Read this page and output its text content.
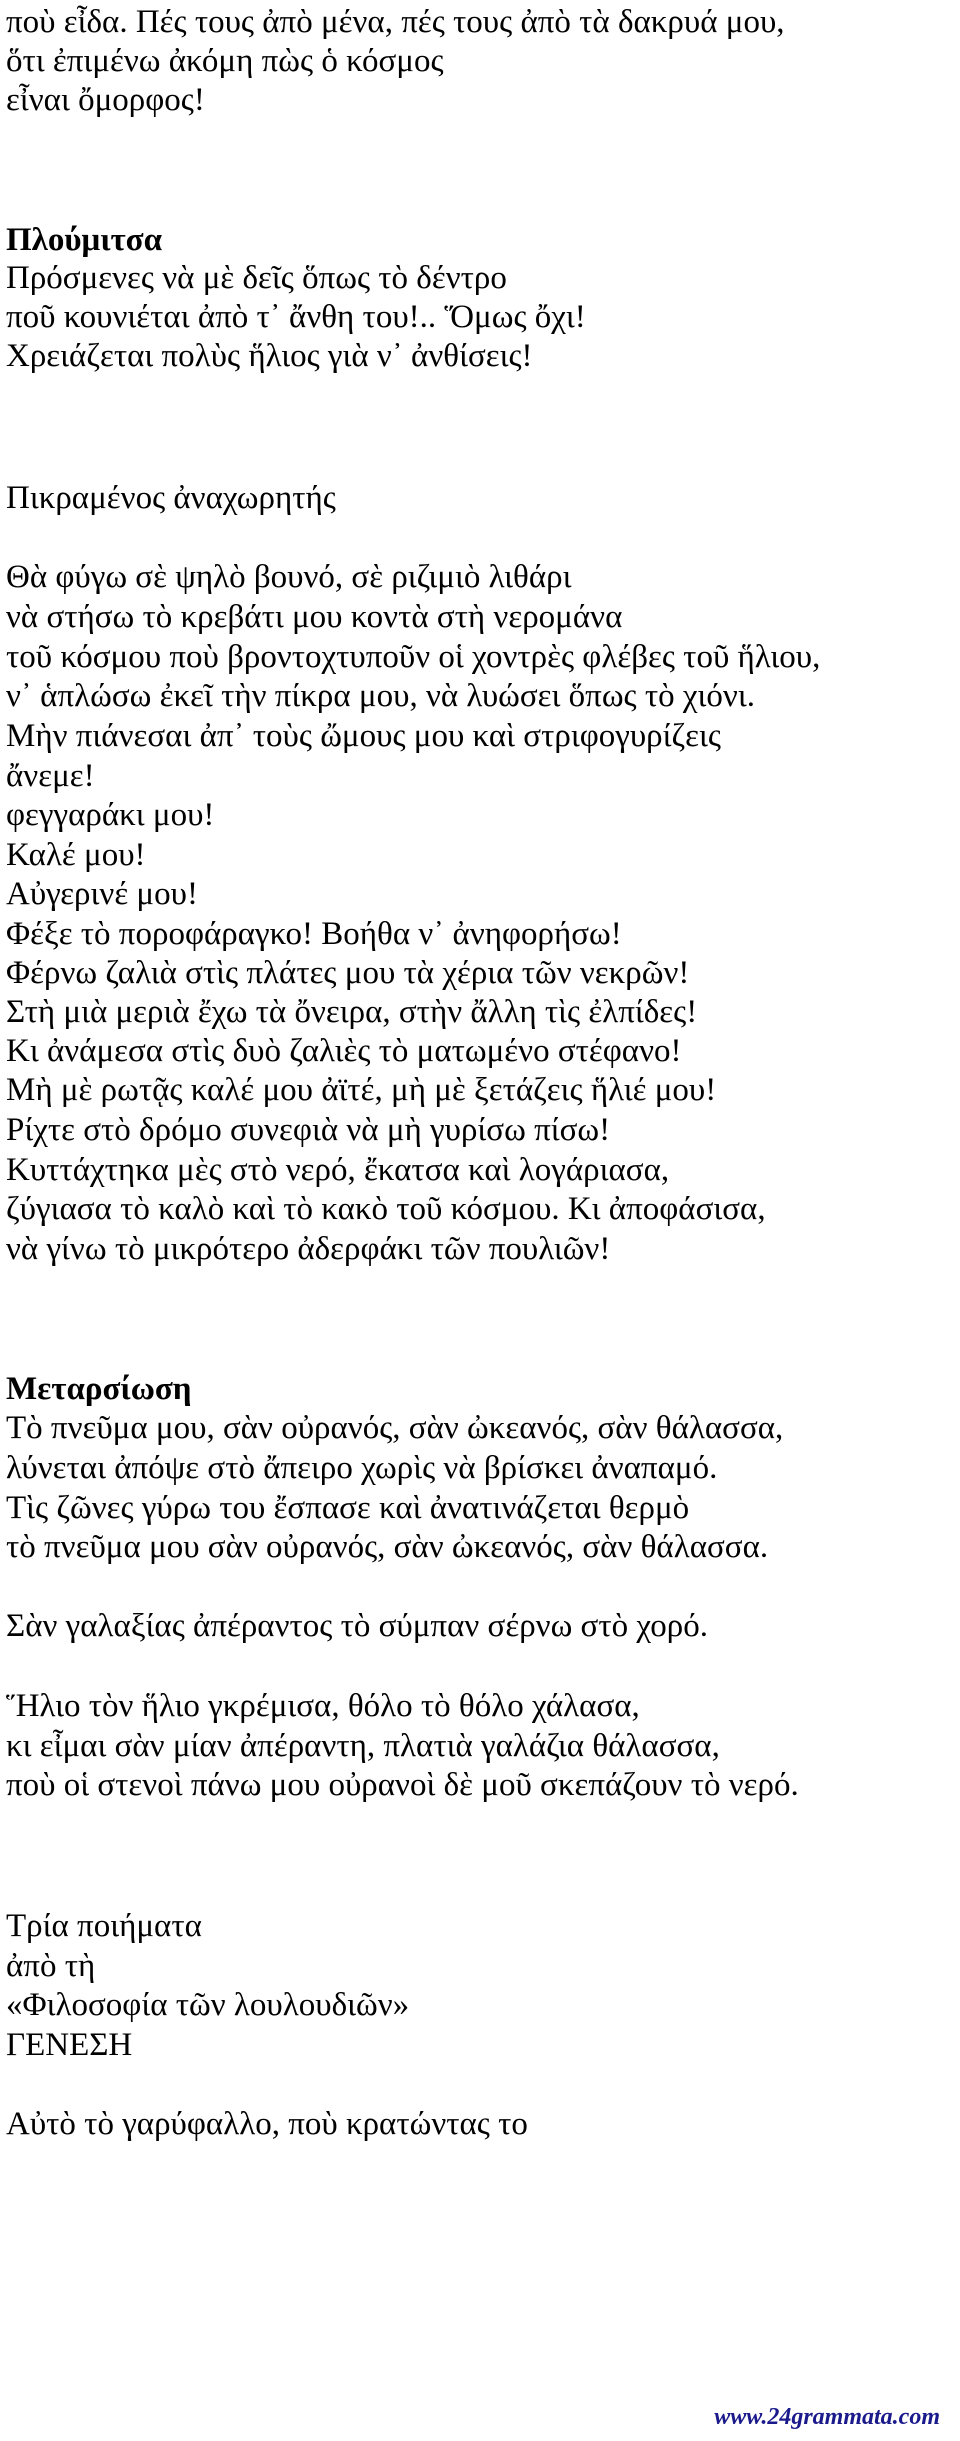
ποὺ εἶδα. Πές τους ἀπὸ μένα, πές τους ἀπὸ τὰ δακρυά μου,

ὅτι ἐπιμένω ἀκόμη πὼς ὁ κόσμος

εἶναι ὄμορφος!

Πλούμιτσα

Πρόσμενες νὰ μὲ δεῖς ὅπως τὸ δέντρο

ποῦ κουνιέται ἀπὸ τ᾽ ἄνθη του!.. Ὅμως ὄχι!

Χρειάζεται πολὺς ἥλιος γιὰ ν᾽ ἀνθίσεις!

Πικραμένος ἀναχωρητής

Θὰ φύγω σὲ ψηλὸ βουνό, σὲ ριζιμιὸ λιθάρι

νὰ στήσω τὸ κρεβάτι μου κοντὰ στὴ νερομάνα

τοῦ κόσμου ποὺ βροντοχτυποῦν οἱ χοντρὲς φλέβες τοῦ ἥλιου,

ν᾽ ἁπλώσω ἐκεῖ τὴν πίκρα μου, νὰ λυώσει ὅπως τὸ χιόνι.

Μὴν πιάνεσαι ἀπ᾽ τοὺς ὤμους μου καὶ στριφογυρίζεις

ἄνεμε!

φεγγαράκι μου!

Καλέ μου!

Αὐγερινέ μου!

Φέξε τὸ ποροφάραγκο! Βοήθα ν᾽ ἀνηφορήσω!

Φέρνω ζαλιὰ στὶς πλάτες μου τὰ χέρια τῶν νεκρῶν!

Στὴ μιὰ μεριὰ ἔχω τὰ ὄνειρα, στὴν ἄλλη τὶς ἐλπίδες!

Κι ἀνάμεσα στὶς δυὸ ζαλιὲς τὸ ματωμένο στέφανο!

Μὴ μὲ ρωτᾷς καλέ μου ἀϊτέ, μὴ μὲ ξετάζεις ἥλιέ μου!

Ρίχτε στὸ δρόμο συνεφιὰ νὰ μὴ γυρίσω πίσω!

Κυττάχτηκα μὲς στὸ νερό, ἔκατσα καὶ λογάριασα,

ζύγιασα τὸ καλὸ καὶ τὸ κακὸ τοῦ κόσμου. Κι ἀποφάσισα,

νὰ γίνω τὸ μικρότερο ἀδερφάκι τῶν πουλιῶν!

Μεταρσίωση

Τὸ πνεῦμα μου, σὰν οὐρανός, σὰν ὠκεανός, σὰν θάλασσα,

λύνεται ἀπόψε στὸ ἄπειρο χωρὶς νὰ βρίσκει ἀναπαμό.

Τὶς ζῶνες γύρω του ἔσπασε καὶ ἀνατινάζεται θερμὸ

τὸ πνεῦμα μου σὰν οὐρανός, σὰν ὠκεανός, σὰν θάλασσα.

Σὰν γαλαξίας ἀπέραντος τὸ σύμπαν σέρνω στὸ χορό.

Ἥλιο τὸν ἥλιο γκρέμισα, θόλο τὸ θόλο χάλασα,

κι εἶμαι σὰν μίαν ἀπέραντη, πλατιὰ γαλάζια θάλασσα,

ποὺ οἱ στενοὶ πάνω μου οὐρανοὶ δὲ μοῦ σκεπάζουν τὸ νερό.

Τρία ποιήματα

ἀπὸ τὴ

«Φιλοσοφία τῶν λουλουδιῶν»

ΓΕΝΕΣΗ

Αὐτὸ τὸ γαρύφαλλο, ποὺ κρατώντας το

www.24grammata.com
